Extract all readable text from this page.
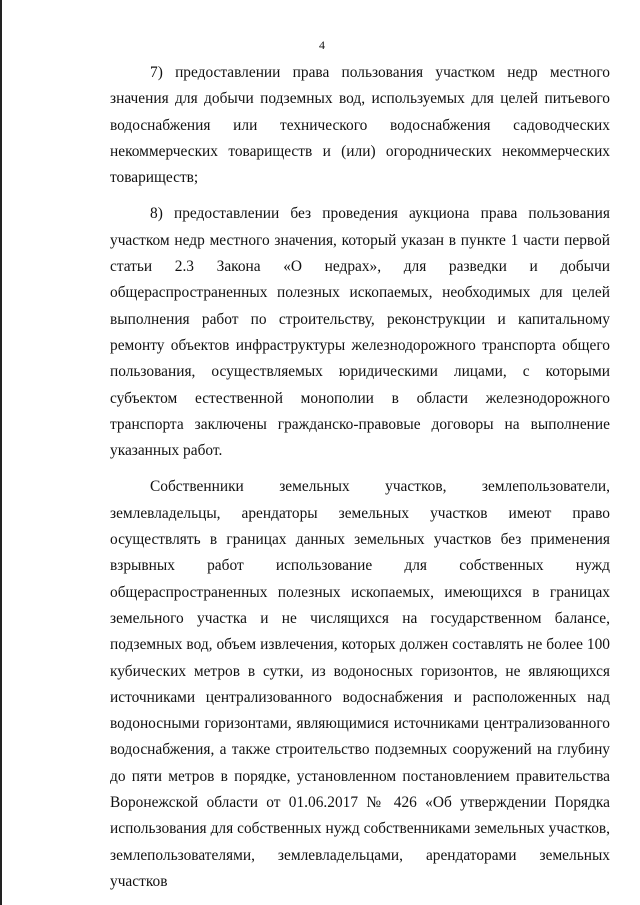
4

7) предоставлении права пользования участком недр местного значения для добычи подземных вод, используемых для целей питьевого водоснабжения или технического водоснабжения садоводческих некоммерческих товариществ и (или) огороднических некоммерческих товариществ;

8) предоставлении без проведения аукциона права пользования участком недр местного значения, который указан в пункте 1 части первой статьи 2.3 Закона «О недрах», для разведки и добычи общераспространенных полезных ископаемых, необходимых для целей выполнения работ по строительству, реконструкции и капитальному ремонту объектов инфраструктуры железнодорожного транспорта общего пользования, осуществляемых юридическими лицами, с которыми субъектом естественной монополии в области железнодорожного транспорта заключены гражданско-правовые договоры на выполнение указанных работ.

Собственники земельных участков, землепользователи, землевладельцы, арендаторы земельных участков имеют право осуществлять в границах данных земельных участков без применения взрывных работ использование для собственных нужд общераспространенных полезных ископаемых, имеющихся в границах земельного участка и не числящихся на государственном балансе, подземных вод, объем извлечения, которых должен составлять не более 100 кубических метров в сутки, из водоносных горизонтов, не являющихся источниками централизованного водоснабжения и расположенных над водоносными горизонтами, являющимися источниками централизованного водоснабжения, а также строительство подземных сооружений на глубину до пяти метров в порядке, установленном постановлением правительства Воронежской области от 01.06.2017 № 426 «Об утверждении Порядка использования для собственных нужд собственниками земельных участков, землепользователями, землевладельцами, арендаторами земельных участков
